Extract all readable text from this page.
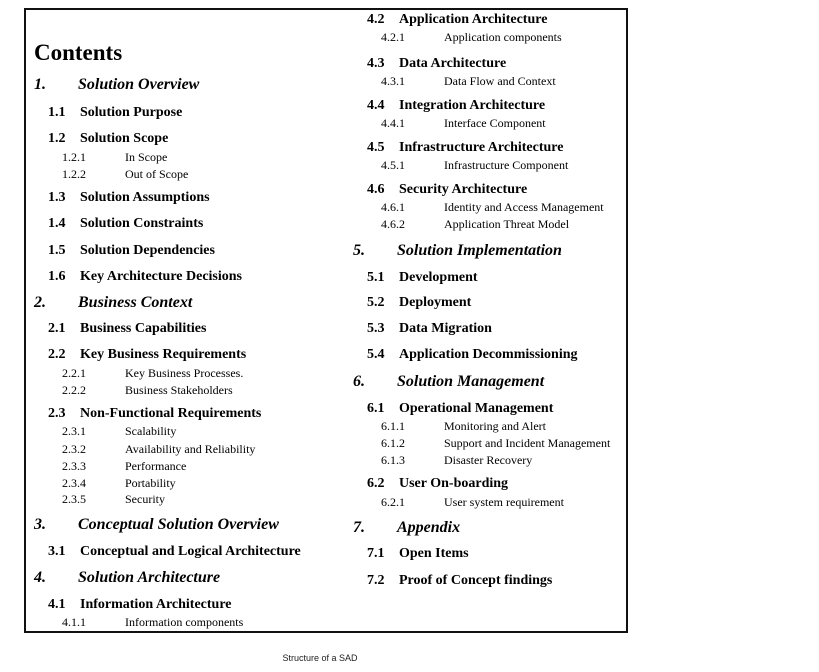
Contents
1. Solution Overview
1.1 Solution Purpose
1.2 Solution Scope
1.2.1	In Scope
1.2.2	Out of Scope
1.3 Solution Assumptions
1.4 Solution Constraints
1.5 Solution Dependencies
1.6 Key Architecture Decisions
2. Business Context
2.1 Business Capabilities
2.2 Key Business Requirements
2.2.1	Key Business Processes.
2.2.2	Business Stakeholders
2.3 Non-Functional Requirements
2.3.1	Scalability
2.3.2	Availability and Reliability
2.3.3	Performance
2.3.4	Portability
2.3.5	Security
3. Conceptual Solution Overview
3.1 Conceptual and Logical Architecture
4. Solution Architecture
4.1 Information Architecture
4.1.1	Information components
4.2 Application Architecture
4.2.1	Application components
4.3 Data Architecture
4.3.1	Data Flow and Context
4.4 Integration Architecture
4.4.1	Interface Component
4.5 Infrastructure Architecture
4.5.1	Infrastructure Component
4.6 Security Architecture
4.6.1	Identity and Access Management
4.6.2	Application Threat Model
5. Solution Implementation
5.1 Development
5.2 Deployment
5.3 Data Migration
5.4 Application Decommissioning
6. Solution Management
6.1 Operational Management
6.1.1	Monitoring and Alert
6.1.2	Support and Incident Management
6.1.3	Disaster Recovery
6.2 User On-boarding
6.2.1	User system requirement
7. Appendix
7.1 Open Items
7.2 Proof of Concept findings
Structure of a SAD
